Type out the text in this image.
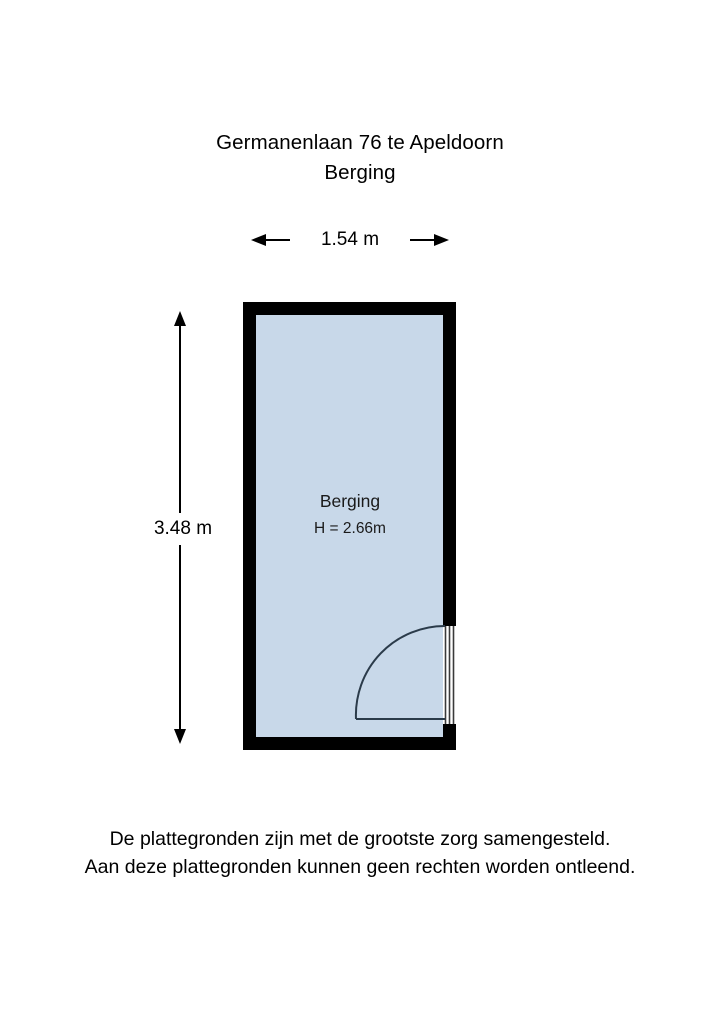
Germanenlaan 76 te Apeldoorn
Berging
1.54 m
3.48 m
Berging
H = 2.66m
De plattegronden zijn met de grootste zorg samengesteld.
Aan deze plattegronden kunnen geen rechten worden ontleend.
